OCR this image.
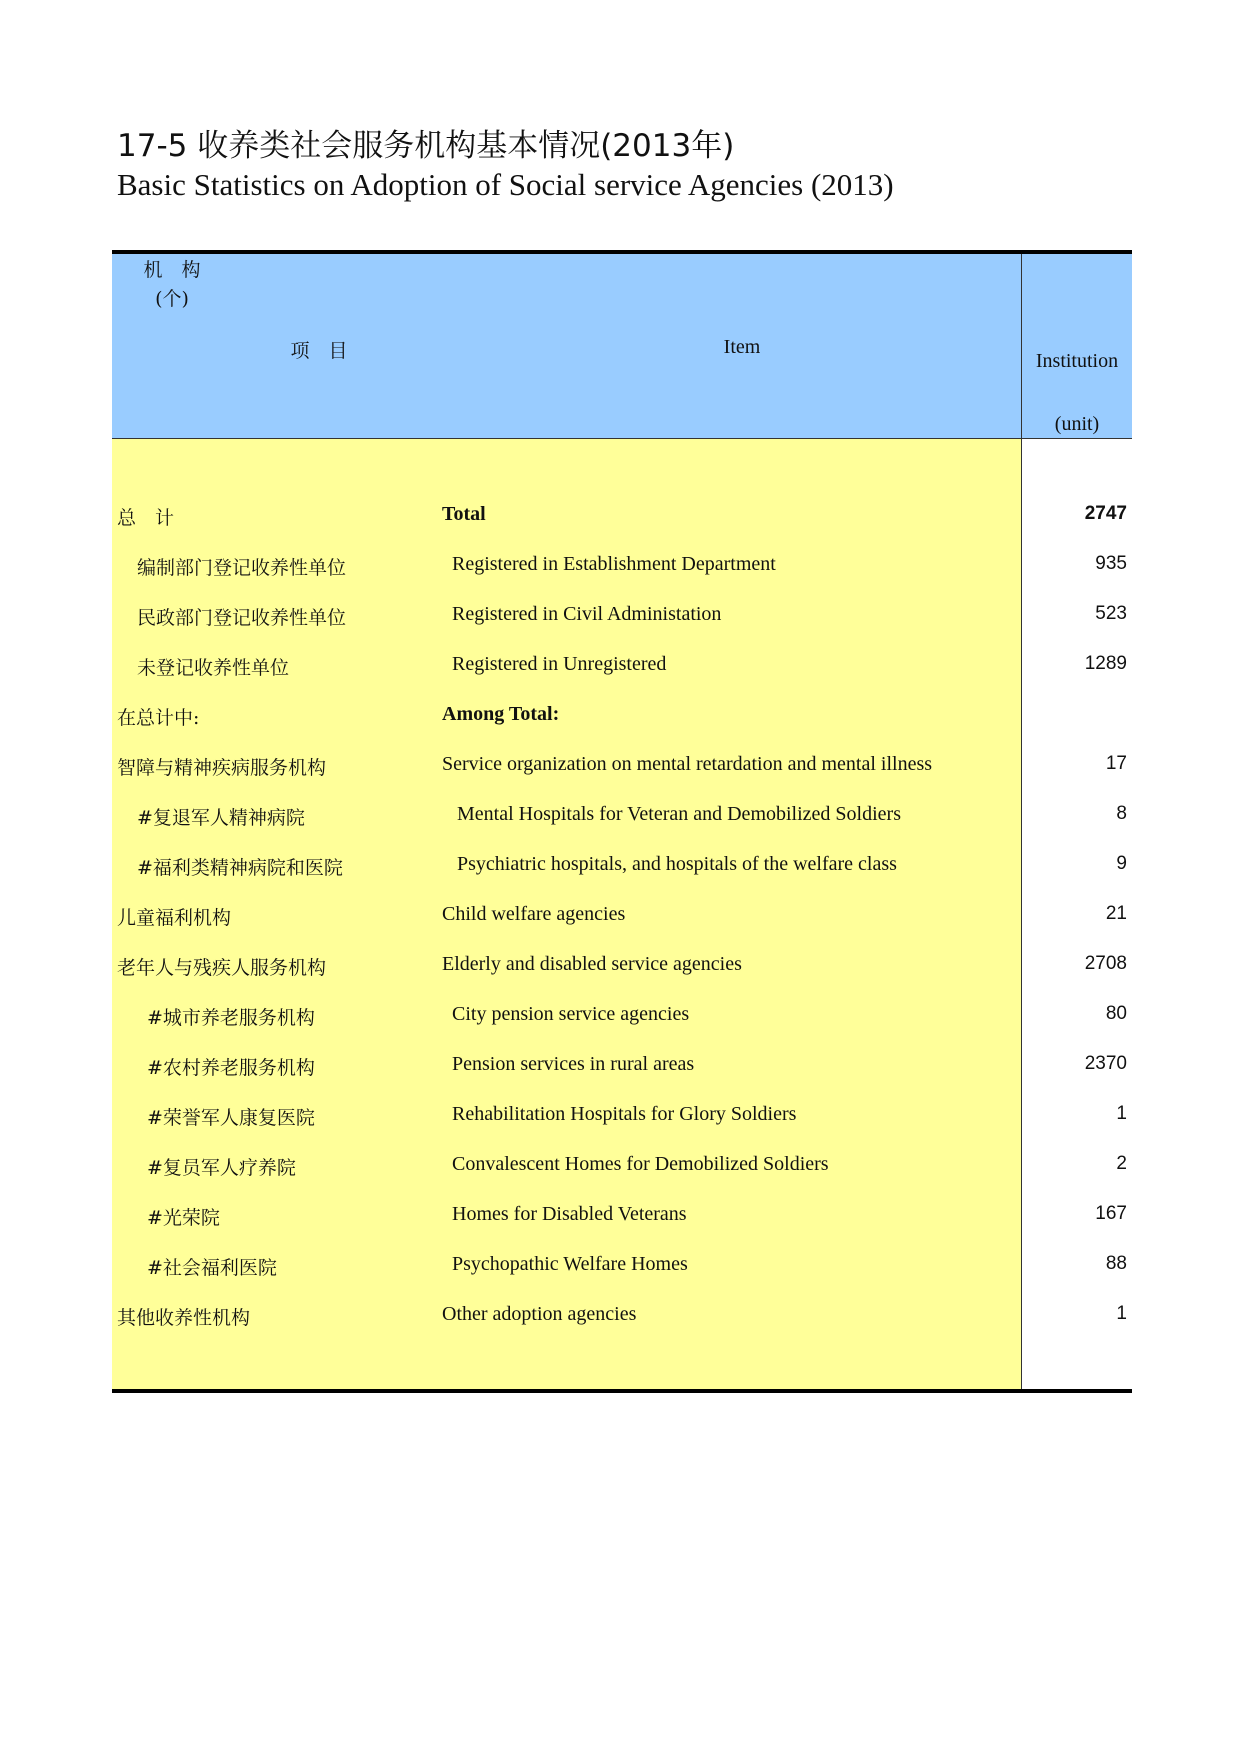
17-5 收养类社会服务机构基本情况(2013年)
Basic Statistics on Adoption of Social service Agencies (2013)
项　目	Item
机　构
(个)
Institution
(unit)
总　计	Total	2747
编制部门登记收养性单位	Registered in Establishment Department	935
民政部门登记收养性单位	Registered in Civil Administation	523
未登记收养性单位	Registered in Unregistered	1289
在总计中:	Among Total:
智障与精神疾病服务机构	Service organization on mental retardation and mental illness	17
#复退军人精神病院	Mental Hospitals for Veteran and Demobilized Soldiers	8
#福利类精神病院和医院	Psychiatric hospitals, and hospitals of the welfare class	9
儿童福利机构	Child welfare agencies	21
老年人与残疾人服务机构	Elderly and disabled service agencies	2708
#城市养老服务机构	City pension service agencies	80
#农村养老服务机构	Pension services in rural areas	2370
#荣誉军人康复医院	Rehabilitation Hospitals for Glory Soldiers	1
#复员军人疗养院	Convalescent Homes for Demobilized Soldiers	2
#光荣院	Homes for Disabled Veterans	167
#社会福利医院	Psychopathic Welfare Homes	88
其他收养性机构	Other adoption agencies	1
